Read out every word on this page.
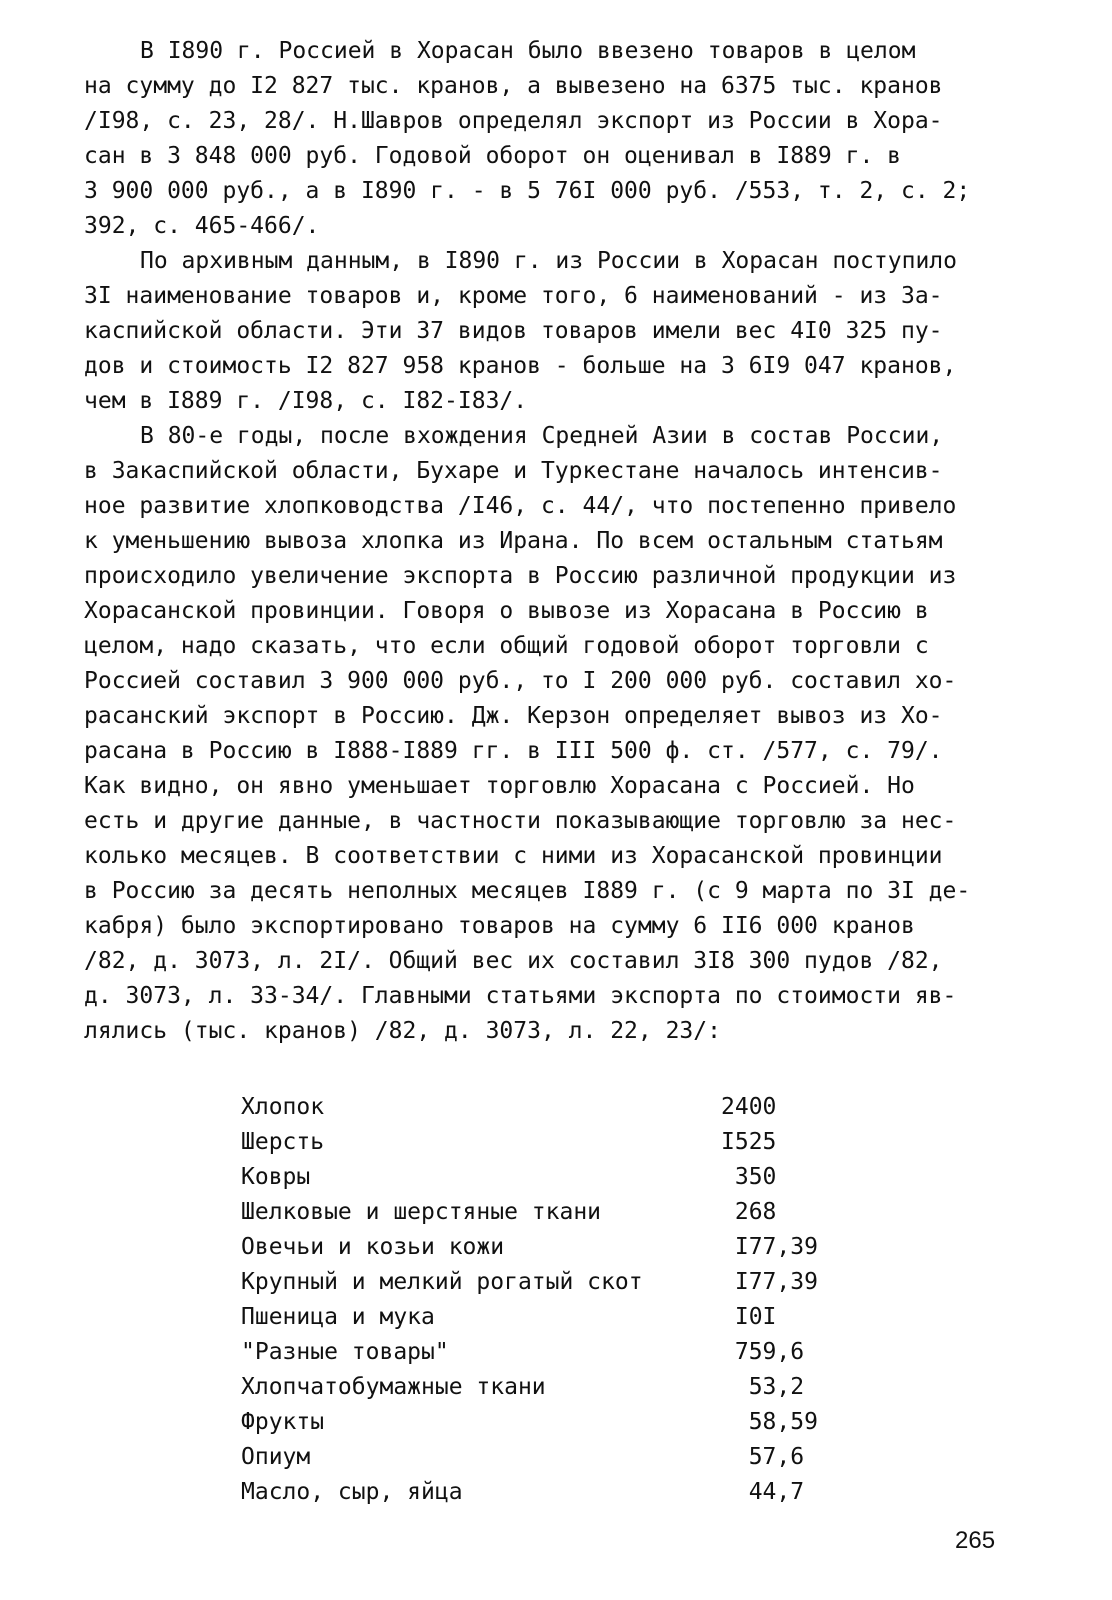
В I890 г. Россией в Хорасан было ввезено товаров в целом
на сумму до I2 827 тыс. кранов, а вывезено на 6375 тыс. кранов
/I98, с. 23, 28/. Н.Шавров определял экспорт из России в Хора-
сан в 3 848 000 руб. Годовой оборот он оценивал в I889 г. в
3 900 000 руб., а в I890 г. - в 5 76I 000 руб. /553, т. 2, с. 2;
392, с. 465-466/.
По архивным данным, в I890 г. из России в Хорасан поступило
3I наименование товаров и, кроме того, 6 наименований - из За-
каспийской области. Эти 37 видов товаров имели вес 4I0 325 пу-
дов и стоимость I2 827 958 кранов - больше на 3 6I9 047 кранов,
чем в I889 г. /I98, с. I82-I83/.
В 80-е годы, после вхождения Средней Азии в состав России,
в Закаспийской области, Бухаре и Туркестане началось интенсив-
ное развитие хлопководства /I46, с. 44/, что постепенно привело
к уменьшению вывоза хлопка из Ирана. По всем остальным статьям
происходило увеличение экспорта в Россию различной продукции из
Хорасанской провинции. Говоря о вывозе из Хорасана в Россию в
целом, надо сказать, что если общий годовой оборот торговли с
Россией составил 3 900 000 руб., то I 200 000 руб. составил хо-
расанский экспорт в Россию. Дж. Керзон определяет вывоз из Хо-
расана в Россию в I888-I889 гг. в III 500 ф. ст. /577, с. 79/.
Как видно, он явно уменьшает торговлю Хорасана с Россией. Но
есть и другие данные, в частности показывающие торговлю за нес-
колько месяцев. В соответствии с ними из Хорасанской провинции
в Россию за десять неполных месяцев I889 г. (с 9 марта по 3I де-
кабря) было экспортировано товаров на сумму 6 II6 000 кранов
/82, д. 3073, л. 2I/. Общий вес их составил 3I8 300 пудов /82,
д. 3073, л. 33-34/. Главными статьями экспорта по стоимости яв-
лялись (тыс. кранов) /82, д. 3073, л. 22, 23/:
Хлопок	2400
Шерсть	I525
Ковры	350
Шелковые и шерстяные ткани	268
Овечьи и козьи кожи	I77,39
Крупный и мелкий рогатый скот	I77,39
Пшеница и мука	I0I
"Разные товары"	759,6
Хлопчатобумажные ткани	53,2
Фрукты	58,59
Опиум	57,6
Масло, сыр, яйца	44,7
265
